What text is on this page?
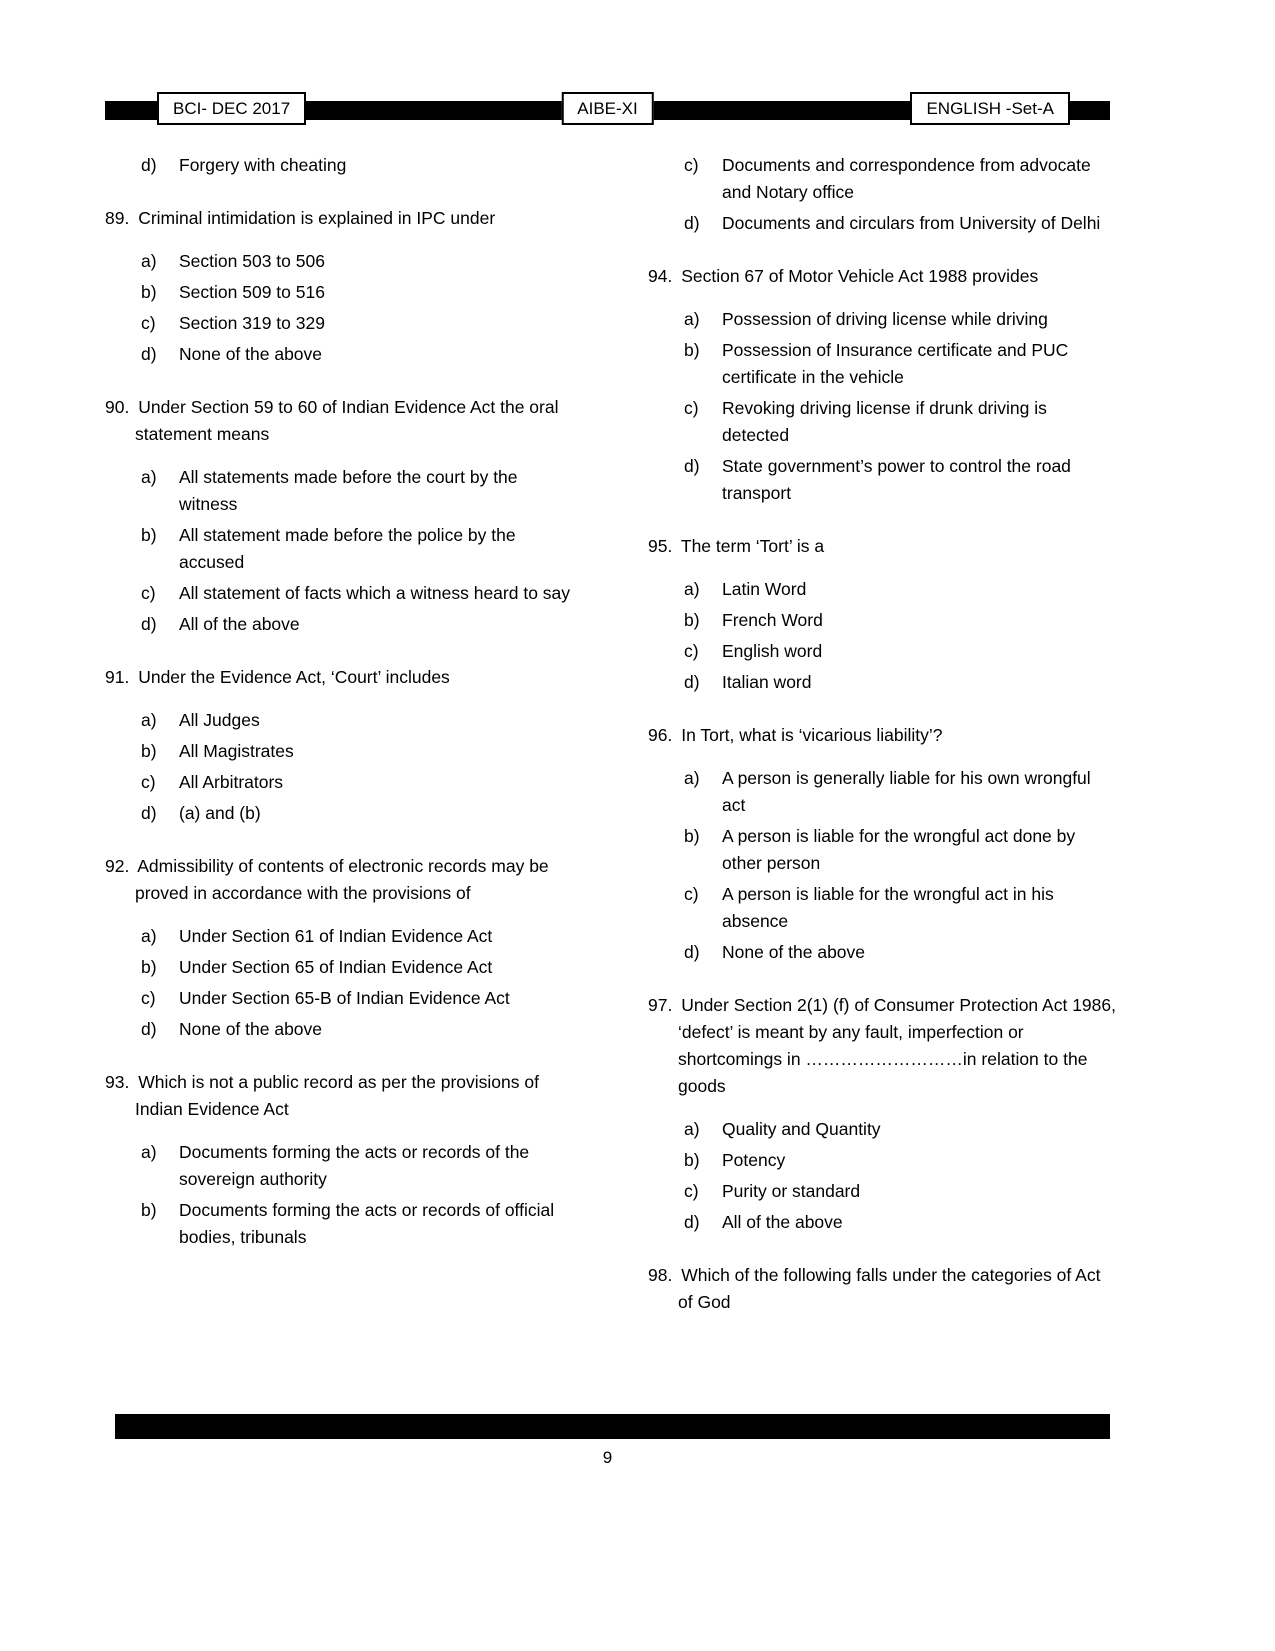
BCI- DEC 2017	AIBE-XI	ENGLISH -Set-A
d)	Forgery with cheating
89. Criminal intimidation is explained in IPC under
a)	Section 503 to 506
b)	Section 509 to 516
c)	Section 319 to 329
d)	None of the above
90. Under Section 59 to 60 of Indian Evidence Act the oral statement means
a)	All statements made before the court by the witness
b)	All statement made before the police by the accused
c)	All statement of facts which a witness heard to say
d)	All of the above
91. Under the Evidence Act, ‘Court’ includes
a)	All Judges
b)	All Magistrates
c)	All Arbitrators
d)	(a) and (b)
92. Admissibility of contents of electronic records may be proved in accordance with the provisions of
a)	Under Section 61 of Indian Evidence Act
b)	Under Section 65 of Indian Evidence Act
c)	Under Section 65-B of Indian Evidence Act
d)	None of the above
93. Which is not a public record as per the provisions of Indian Evidence Act
a)	Documents forming the acts or records of the sovereign authority
b)	Documents forming the acts or records of official bodies, tribunals
c)	Documents and correspondence from advocate and Notary office
d)	Documents and circulars from University of Delhi
94. Section 67 of Motor Vehicle Act 1988 provides
a)	Possession of driving license while driving
b)	Possession of Insurance certificate and PUC certificate in the vehicle
c)	Revoking driving license if drunk driving is detected
d)	State government’s power to control the road transport
95. The term ‘Tort’ is a
a)	Latin Word
b)	French Word
c)	English word
d)	Italian word
96. In Tort, what is ‘vicarious liability’?
a)	A person is generally liable for his own wrongful act
b)	A person is liable for the wrongful act done by other person
c)	A person is liable for the wrongful act in his absence
d)	None of the above
97. Under Section 2(1) (f) of Consumer Protection Act 1986, ‘defect’ is meant by any fault, imperfection or shortcomings in ………………………in relation to the goods
a)	Quality and Quantity
b)	Potency
c)	Purity or standard
d)	All of the above
98. Which of the following falls under the categories of Act of God
9
